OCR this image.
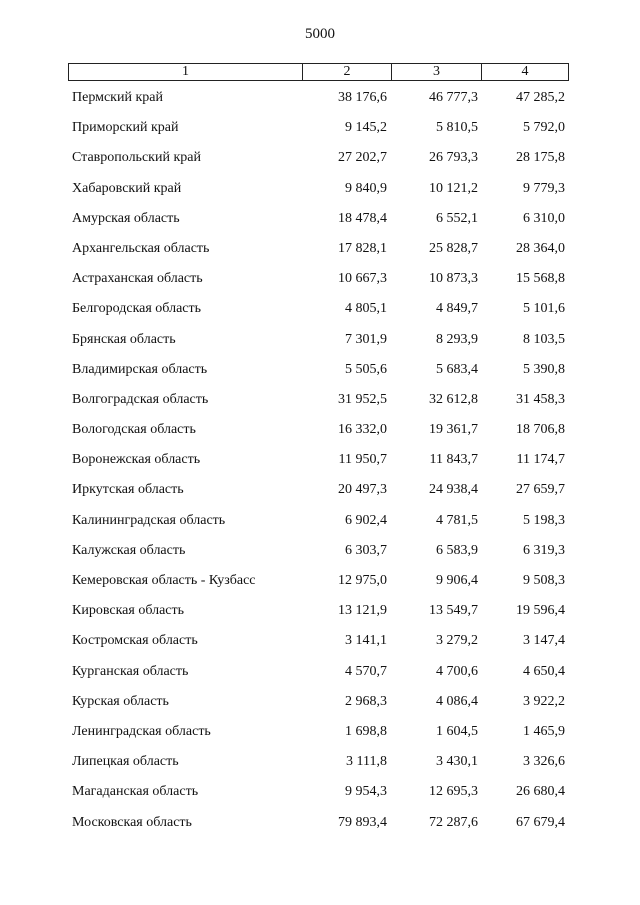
5000
1	2	3	4
Пермский край	38 176,6	46 777,3	47 285,2
Приморский край	9 145,2	5 810,5	5 792,0
Ставропольский край	27 202,7	26 793,3	28 175,8
Хабаровский край	9 840,9	10 121,2	9 779,3
Амурская область	18 478,4	6 552,1	6 310,0
Архангельская область	17 828,1	25 828,7	28 364,0
Астраханская область	10 667,3	10 873,3	15 568,8
Белгородская область	4 805,1	4 849,7	5 101,6
Брянская область	7 301,9	8 293,9	8 103,5
Владимирская область	5 505,6	5 683,4	5 390,8
Волгоградская область	31 952,5	32 612,8	31 458,3
Вологодская область	16 332,0	19 361,7	18 706,8
Воронежская область	11 950,7	11 843,7	11 174,7
Иркутская область	20 497,3	24 938,4	27 659,7
Калининградская область	6 902,4	4 781,5	5 198,3
Калужская область	6 303,7	6 583,9	6 319,3
Кемеровская область - Кузбасс	12 975,0	9 906,4	9 508,3
Кировская область	13 121,9	13 549,7	19 596,4
Костромская область	3 141,1	3 279,2	3 147,4
Курганская область	4 570,7	4 700,6	4 650,4
Курская область	2 968,3	4 086,4	3 922,2
Ленинградская область	1 698,8	1 604,5	1 465,9
Липецкая область	3 111,8	3 430,1	3 326,6
Магаданская область	9 954,3	12 695,3	26 680,4
Московская область	79 893,4	72 287,6	67 679,4
